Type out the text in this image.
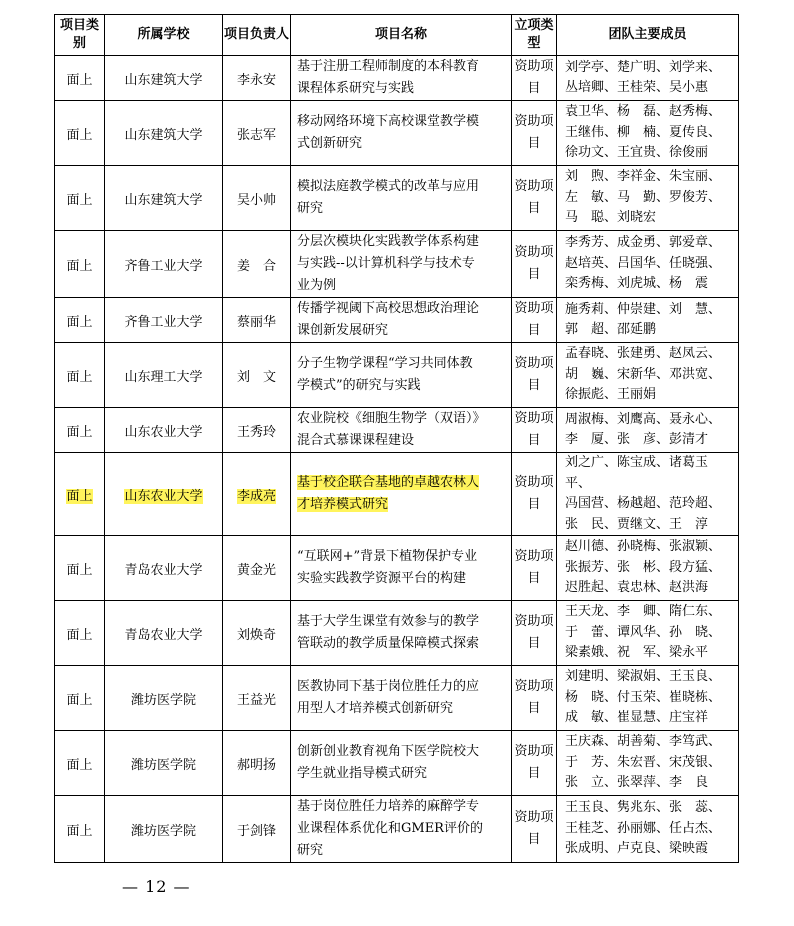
项目类别	所属学校	项目负责人	项目名称	立项类型	团队主要成员
面上	山东建筑大学	李永安	基于注册工程师制度的本科教育
课程体系研究与实践	资助项目	刘学亭、楚广明、刘学来、
丛培卿、王桂荣、吴小惠

面上	山东建筑大学	张志军	移动网络环境下高校课堂教学模
式创新研究	资助项目	袁卫华、杨　磊、赵秀梅、
王继伟、柳　楠、夏传良、
徐功文、王宜贵、徐俊丽

面上	山东建筑大学	吴小帅	模拟法庭教学模式的改革与应用
研究	资助项目	刘　煦、李祥金、朱宝丽、
左　敏、马　勤、罗俊芳、
马　聪、刘晓宏

面上	齐鲁工业大学	姜　合	分层次模块化实践教学体系构建
与实践--以计算机科学与技术专
业为例	资助项目	李秀芳、成金勇、郭爱章、
赵培英、吕国华、任晓强、
栾秀梅、刘虎城、杨　震

面上	齐鲁工业大学	蔡丽华	传播学视阈下高校思想政治理论
课创新发展研究	资助项目	施秀莉、仲崇建、刘　慧、
郭　超、邵延鹏

面上	山东理工大学	刘　文	分子生物学课程“学习共同体教
学模式”的研究与实践	资助项目	孟春晓、张建勇、赵凤云、
胡　巍、宋新华、邓洪宽、
徐振彪、王丽娟

面上	山东农业大学	王秀玲	农业院校《细胞生物学（双语）》
混合式慕课课程建设	资助项目	周淑梅、刘鹰高、聂永心、
李　厦、张　彦、彭清才

面上	山东农业大学	李成亮	基于校企联合基地的卓越农林人
才培养模式研究	资助项目	刘之广、陈宝成、诸葛玉平、
冯国营、杨越超、范玲超、
张　民、贾继文、王　淳

面上	青岛农业大学	黄金光	“互联网+”背景下植物保护专业
实验实践教学资源平台的构建	资助项目	赵川德、孙晓梅、张淑颖、
张振芳、张　彬、段方猛、
迟胜起、袁忠林、赵洪海

面上	青岛农业大学	刘焕奇	基于大学生课堂有效参与的教学
管联动的教学质量保障模式探索	资助项目	王天龙、李　卿、隋仁东、
于　蕾、谭风华、孙　晓、
梁素娥、祝　军、梁永平

面上	潍坊医学院	王益光	医教协同下基于岗位胜任力的应
用型人才培养模式创新研究	资助项目	刘建明、梁淑娟、王玉良、
杨　晓、付玉荣、崔晓栋、
成　敏、崔显慧、庄宝祥

面上	潍坊医学院	郝明扬	创新创业教育视角下医学院校大
学生就业指导模式研究	资助项目	王庆森、胡善菊、李笃武、
于　芳、朱宏晋、宋茂银、
张　立、张翠萍、李　良

面上	潍坊医学院	于剑锋	基于岗位胜任力培养的麻醉学专
业课程体系优化和GMER评价的
研究	资助项目	王玉良、隽兆东、张　蕊、
王桂芝、孙丽娜、任占杰、
张成明、卢克良、梁映霞
— 12 —
